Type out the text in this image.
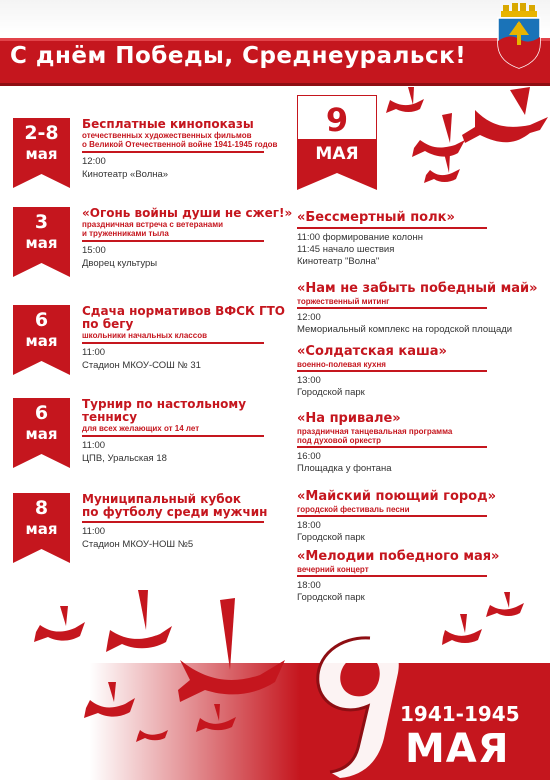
С днём Победы, Среднеуральск!
2-8
мая
Бесплатные кинопоказы
отечественных художественных фильмов
о Великой Отечественной войне 1941-1945 годов
12:00
Кинотеатр «Волна»
3
мая
«Огонь войны души не сжег!»
праздничная встреча с ветеранами
и труженниками тыла
15:00
Дворец культуры
6
мая
Сдача нормативов ВФСК ГТО
по бегу
школьники начальных классов
11:00
Стадион МКОУ-СОШ № 31
6
мая
Турнир по настольному
теннису
для всех желающих от 14 лет
11:00
ЦПВ, Уральская 18
8
мая
Муниципальный кубок
по футболу среди мужчин
11:00
Стадион МКОУ-НОШ №5
9
МАЯ
«Бессмертный полк»
11:00 формирование колонн
11:45 начало шествия
Кинотеатр "Волна"
«Нам не забыть победный май»
торжественный митинг
12:00
Мемориальный комплекс на городской площади
«Солдатская каша»
военно-полевая кухня
13:00
Городской парк
«На привале»
праздничная танцевальная программа
под духовой оркестр
16:00
Площадка у фонтана
«Майский поющий город»
городской фестиваль песни
18:00
Городской парк
«Мелодии победного мая»
вечерний концерт
18:00
Городской парк
1941-1945
МАЯ
